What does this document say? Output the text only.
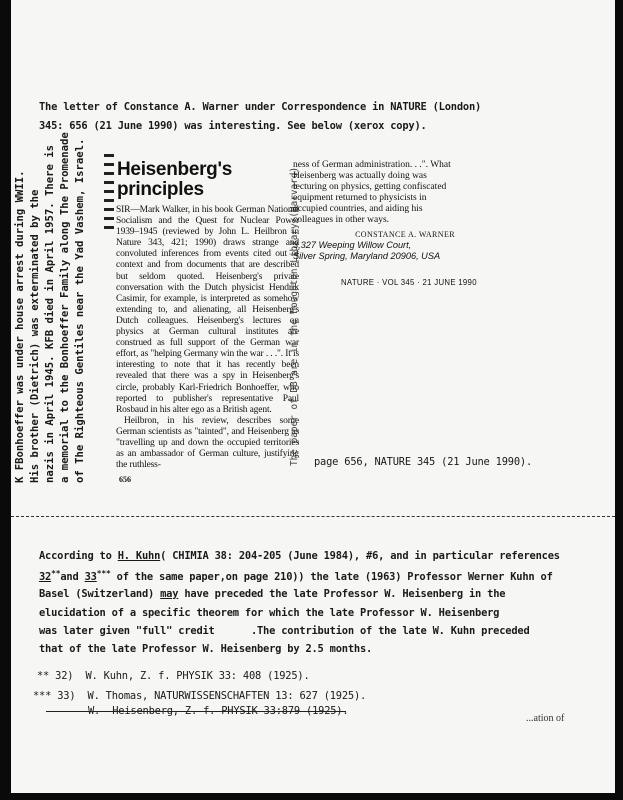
The letter of Constance A. Warner under Correspondence in NATURE (London)
345: 656 (21 June 1990) was interesting. See below (xerox copy).
K FBonhoeffer was under house arrest during WWII. His brother (Dietrich) was exterminated by the nazis in April 1945. KFB died in April 1957. There is a memorial to the Bonhoeffer Family along The Promenade of The Righteous Gentiles near the Yad Vashem, Israel. Heisenberg's
principles

SIR—Mark Walker, in his book German National Socialism and the Quest for Nuclear Power 1939–1945 (reviewed by John L. Heilbron in Nature 343, 421; 1990) draws strange and convoluted inferences from events cited out of context and from documents that are described but seldom quoted. Heisenberg's private conversation with the Dutch physicist Hendrik Casimir, for example, is interpreted as somehow extending to, and alienating, all Heisenberg's Dutch colleagues. Heisenberg's lectures on physics at German cultural institutes are construed as full support of the German war effort, as "helping Germany win the war . . .". It is interesting to note that it has recently been revealed that there was a spy in Heisenberg's circle, probably Karl-Friedrich Bonhoeffer, who reported to publisher's representative Paul Rosbaud in his alter ego as a British agent.

Heilbron, in his review, describes some German scientists as "tainted", and Heisenberg as "travelling up and down the occupied territories as an ambassador of German culture, justifying the ruthless-

656
The paper of DB are in the Houghton Library (Harvard)

ness of German administration. . .". What Heisenberg was actually doing was lecturing on physics, getting confiscated equipment returned to physicists in occupied countries, and aiding his colleagues in other ways.

CONSTANCE A. WARNER

3,327 Weeping Willow Court,

Silver Spring, Maryland 20906, USA

NATURE · VOL 345 · 21 JUNE 1990
page 656, NATURE 345 (21 June 1990).
According to H. Kuhn( CHIMIA 38: 204-205 (June 1984), #6, and in particular references
32**and 33*** of the same paper,on page 210)) the late (1963) Professor Werner Kuhn of
Basel (Switzerland) may have preceded the late Professor W. Heisenberg in the
elucidation of a specific theorem for which the late Professor W. Heisenberg
was later given "full" credit      .The contribution of the late W. Kuhn preceded
that of the late Professor W. Heisenberg by 2.5 months.
** 32) W. Kuhn, Z. f. PHYSIK 33: 408 (1925).
*** 33) W. Thomas, NATURWISSENSCHAFTEN 13: 627 (1925).
W. Heisenberg, Z. f. PHYSIK 33:879 (1925).
...ation of
